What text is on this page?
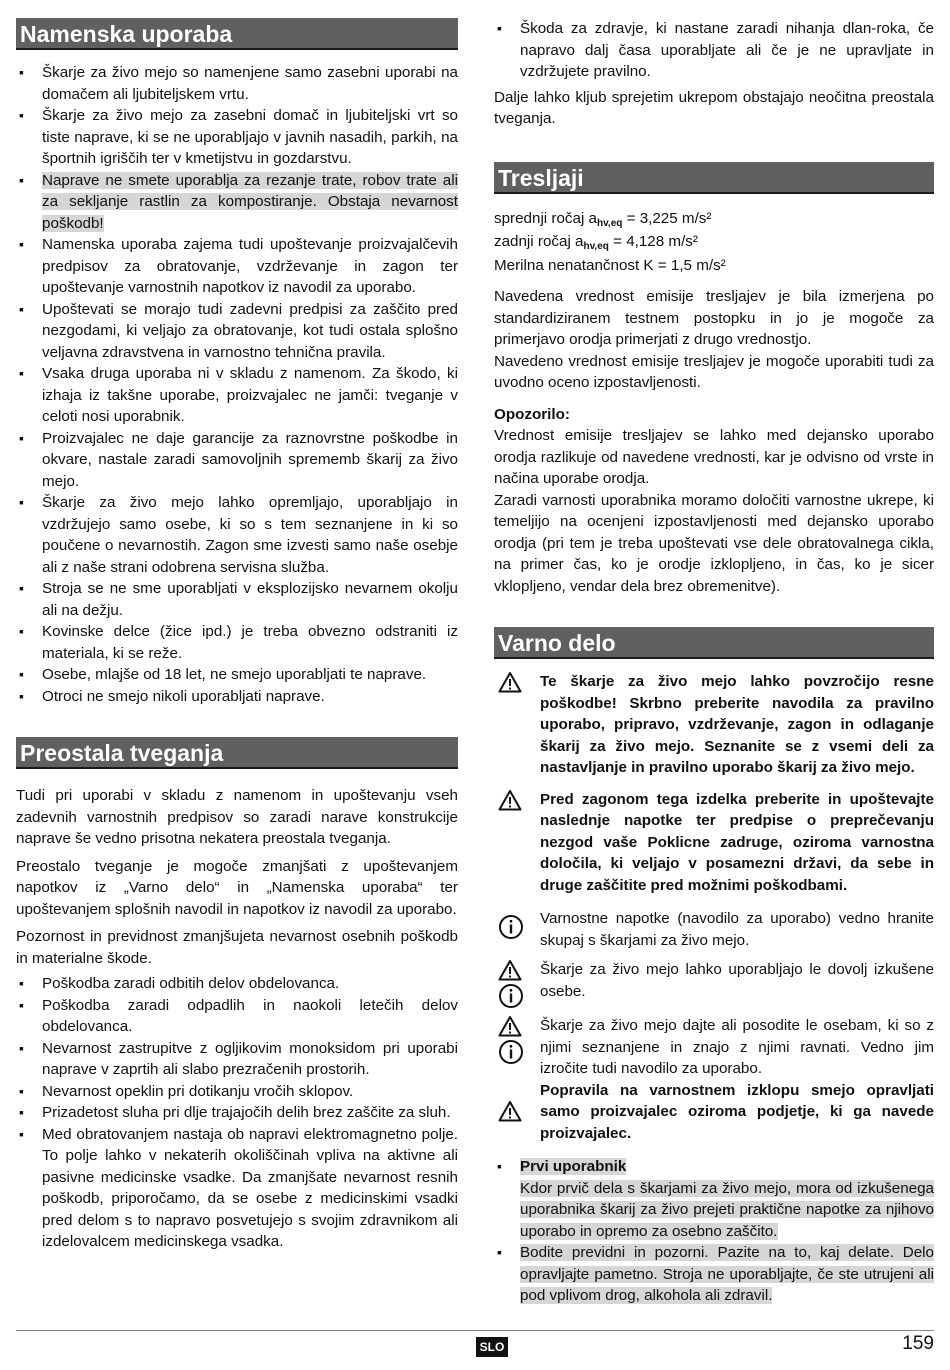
Namenska uporaba
▪ Škarje za živo mejo so namenjene samo zasebni uporabi na domačem ali ljubiteljskem vrtu.
▪ Škarje za živo mejo za zasebni domač in ljubiteljski vrt so tiste naprave, ki se ne uporabljajo v javnih nasadih, parkih, na športnih igriščih ter v kmetijstvu in gozdarstvu.
▪ Naprave ne smete uporablja za rezanje trate, robov trate ali za sekljanje rastlin za kompostiranje. Obstaja nevarnost poškodb!
▪ Namenska uporaba zajema tudi upoštevanje proizvajalčevih predpisov za obratovanje, vzdrževanje in zagon ter upoštevanje varnostnih napotkov iz navodil za uporabo.
▪ Upoštevati se morajo tudi zadevni predpisi za zaščito pred nezgodami, ki veljajo za obratovanje, kot tudi ostala splošno veljavna zdravstvena in varnostno tehnična pravila.
▪ Vsaka druga uporaba ni v skladu z namenom. Za škodo, ki izhaja iz takšne uporabe, proizvajalec ne jamči: tveganje v celoti nosi uporabnik.
▪ Proizvajalec ne daje garancije za raznovrstne poškodbe in okvare, nastale zaradi samovoljnih sprememb škarij za živo mejo.
▪ Škarje za živo mejo lahko opremljajo, uporabljajo in vzdržujejo samo osebe, ki so s tem seznanjene in ki so poučene o nevarnostih. Zagon sme izvesti samo naše osebje ali z naše strani odobrena servisna služba.
▪ Stroja se ne sme uporabljati v eksplozijsko nevarnem okolju ali na dežju.
▪ Kovinske delce (žice ipd.) je treba obvezno odstraniti iz materiala, ki se reže.
▪ Osebe, mlajše od 18 let, ne smejo uporabljati te naprave.
▪ Otroci ne smejo nikoli uporabljati naprave.
Preostala tveganja

Tudi pri uporabi v skladu z namenom in upoštevanju vseh zadevnih varnostnih predpisov so zaradi narave konstrukcije naprave še vedno prisotna nekatera preostala tveganja.

Preostalo tveganje je mogoče zmanjšati z upoštevanjem napotkov iz „Varno delo“ in „Namenska uporaba“ ter upoštevanjem splošnih navodil in napotkov iz navodil za uporabo.

Pozornost in previdnost zmanjšujeta nevarnost osebnih poškodb in materialne škode.

▪ Poškodba zaradi odbitih delov obdelovanca.
▪ Poškodba zaradi odpadlih in naokoli letečih delov obdelovanca.
▪ Nevarnost zastrupitve z ogljikovim monoksidom pri uporabi naprave v zaprtih ali slabo prezračenih prostorih.
▪ Nevarnost opeklin pri dotikanju vročih sklopov.
▪ Prizadetost sluha pri dlje trajajočih delih brez zaščite za sluh.
▪ Med obratovanjem nastaja ob napravi elektromagnetno polje. To polje lahko v nekaterih okoliščinah vpliva na aktivne ali pasivne medicinske vsadke. Da zmanjšate nevarnost resnih poškodb, priporočamo, da se osebe z medicinskimi vsadki pred delom s to napravo posvetujejo s svojim zdravnikom ali izdelovalcem medicinskega vsadka.
▪ Škoda za zdravje, ki nastane zaradi nihanja dlan-roka, če napravo dalj časa uporabljate ali če je ne upravljate in vzdržujete pravilno.

Dalje lahko kljub sprejetim ukrepom obstajajo neočitna preostala tveganja.

Tresljaji
sprednji ročaj ahv,eq = 3,225 m/s²
zadnji ročaj ahv,eq = 4,128 m/s²
Merilna nenatančnost K = 1,5 m/s²

Navedena vrednost emisije tresljajev je bila izmerjena po standardiziranem testnem postopku in jo je mogoče za primerjavo orodja primerjati z drugo vrednostjo.

Navedeno vrednost emisije tresljajev je mogoče uporabiti tudi za uvodno oceno izpostavljenosti.

Opozorilo:

Vrednost emisije tresljajev se lahko med dejansko uporabo orodja razlikuje od navedene vrednosti, kar je odvisno od vrste in načina uporabe orodja.

Zaradi varnosti uporabnika moramo določiti varnostne ukrepe, ki temeljijo na ocenjeni izpostavljenosti med dejansko uporabo orodja (pri tem je treba upoštevati vse dele obratovalnega cikla, na primer čas, ko je orodje izklopljeno, in čas, ko je sicer vklopljeno, vendar dela brez obremenitve).

Varno delo

Te škarje za živo mejo lahko povzročijo resne poškodbe! Skrbno preberite navodila za pravilno uporabo, pripravo, vzdrževanje, zagon in odlaganje škarij za živo mejo. Seznanite se z vsemi deli za nastavljanje in pravilno uporabo škarij za živo mejo.

Pred zagonom tega izdelka preberite in upoštevajte naslednje napotke ter predpise o preprečevanju nezgod vaše Poklicne zadruge, oziroma varnostna določila, ki veljajo v posamezni državi, da sebe in druge zaščitite pred možnimi poškodbami.

Varnostne napotke (navodilo za uporabo) vedno hranite skupaj s škarjami za živo mejo.

Škarje za živo mejo lahko uporabljajo le dovolj izkušene osebe.

Škarje za živo mejo dajte ali posodite le osebam, ki so z njimi seznanjene in znajo z njimi ravnati. Vedno jim izročite tudi navodilo za uporabo.

Popravila na varnostnem izklopu smejo opravljati samo proizvajalec oziroma podjetje, ki ga navede proizvajalec.

▪ Prvi uporabnik
Kdor prvič dela s škarjami za živo mejo, mora od izkušenega uporabnika škarij za živo prejeti praktične napotke za njihovo uporabo in opremo za osebno zaščito.
▪ Bodite previdni in pozorni. Pazite na to, kaj delate. Delo opravljajte pametno. Stroja ne uporabljajte, če ste utrujeni ali pod vplivom drog, alkohola ali zdravil.
SLO	159
